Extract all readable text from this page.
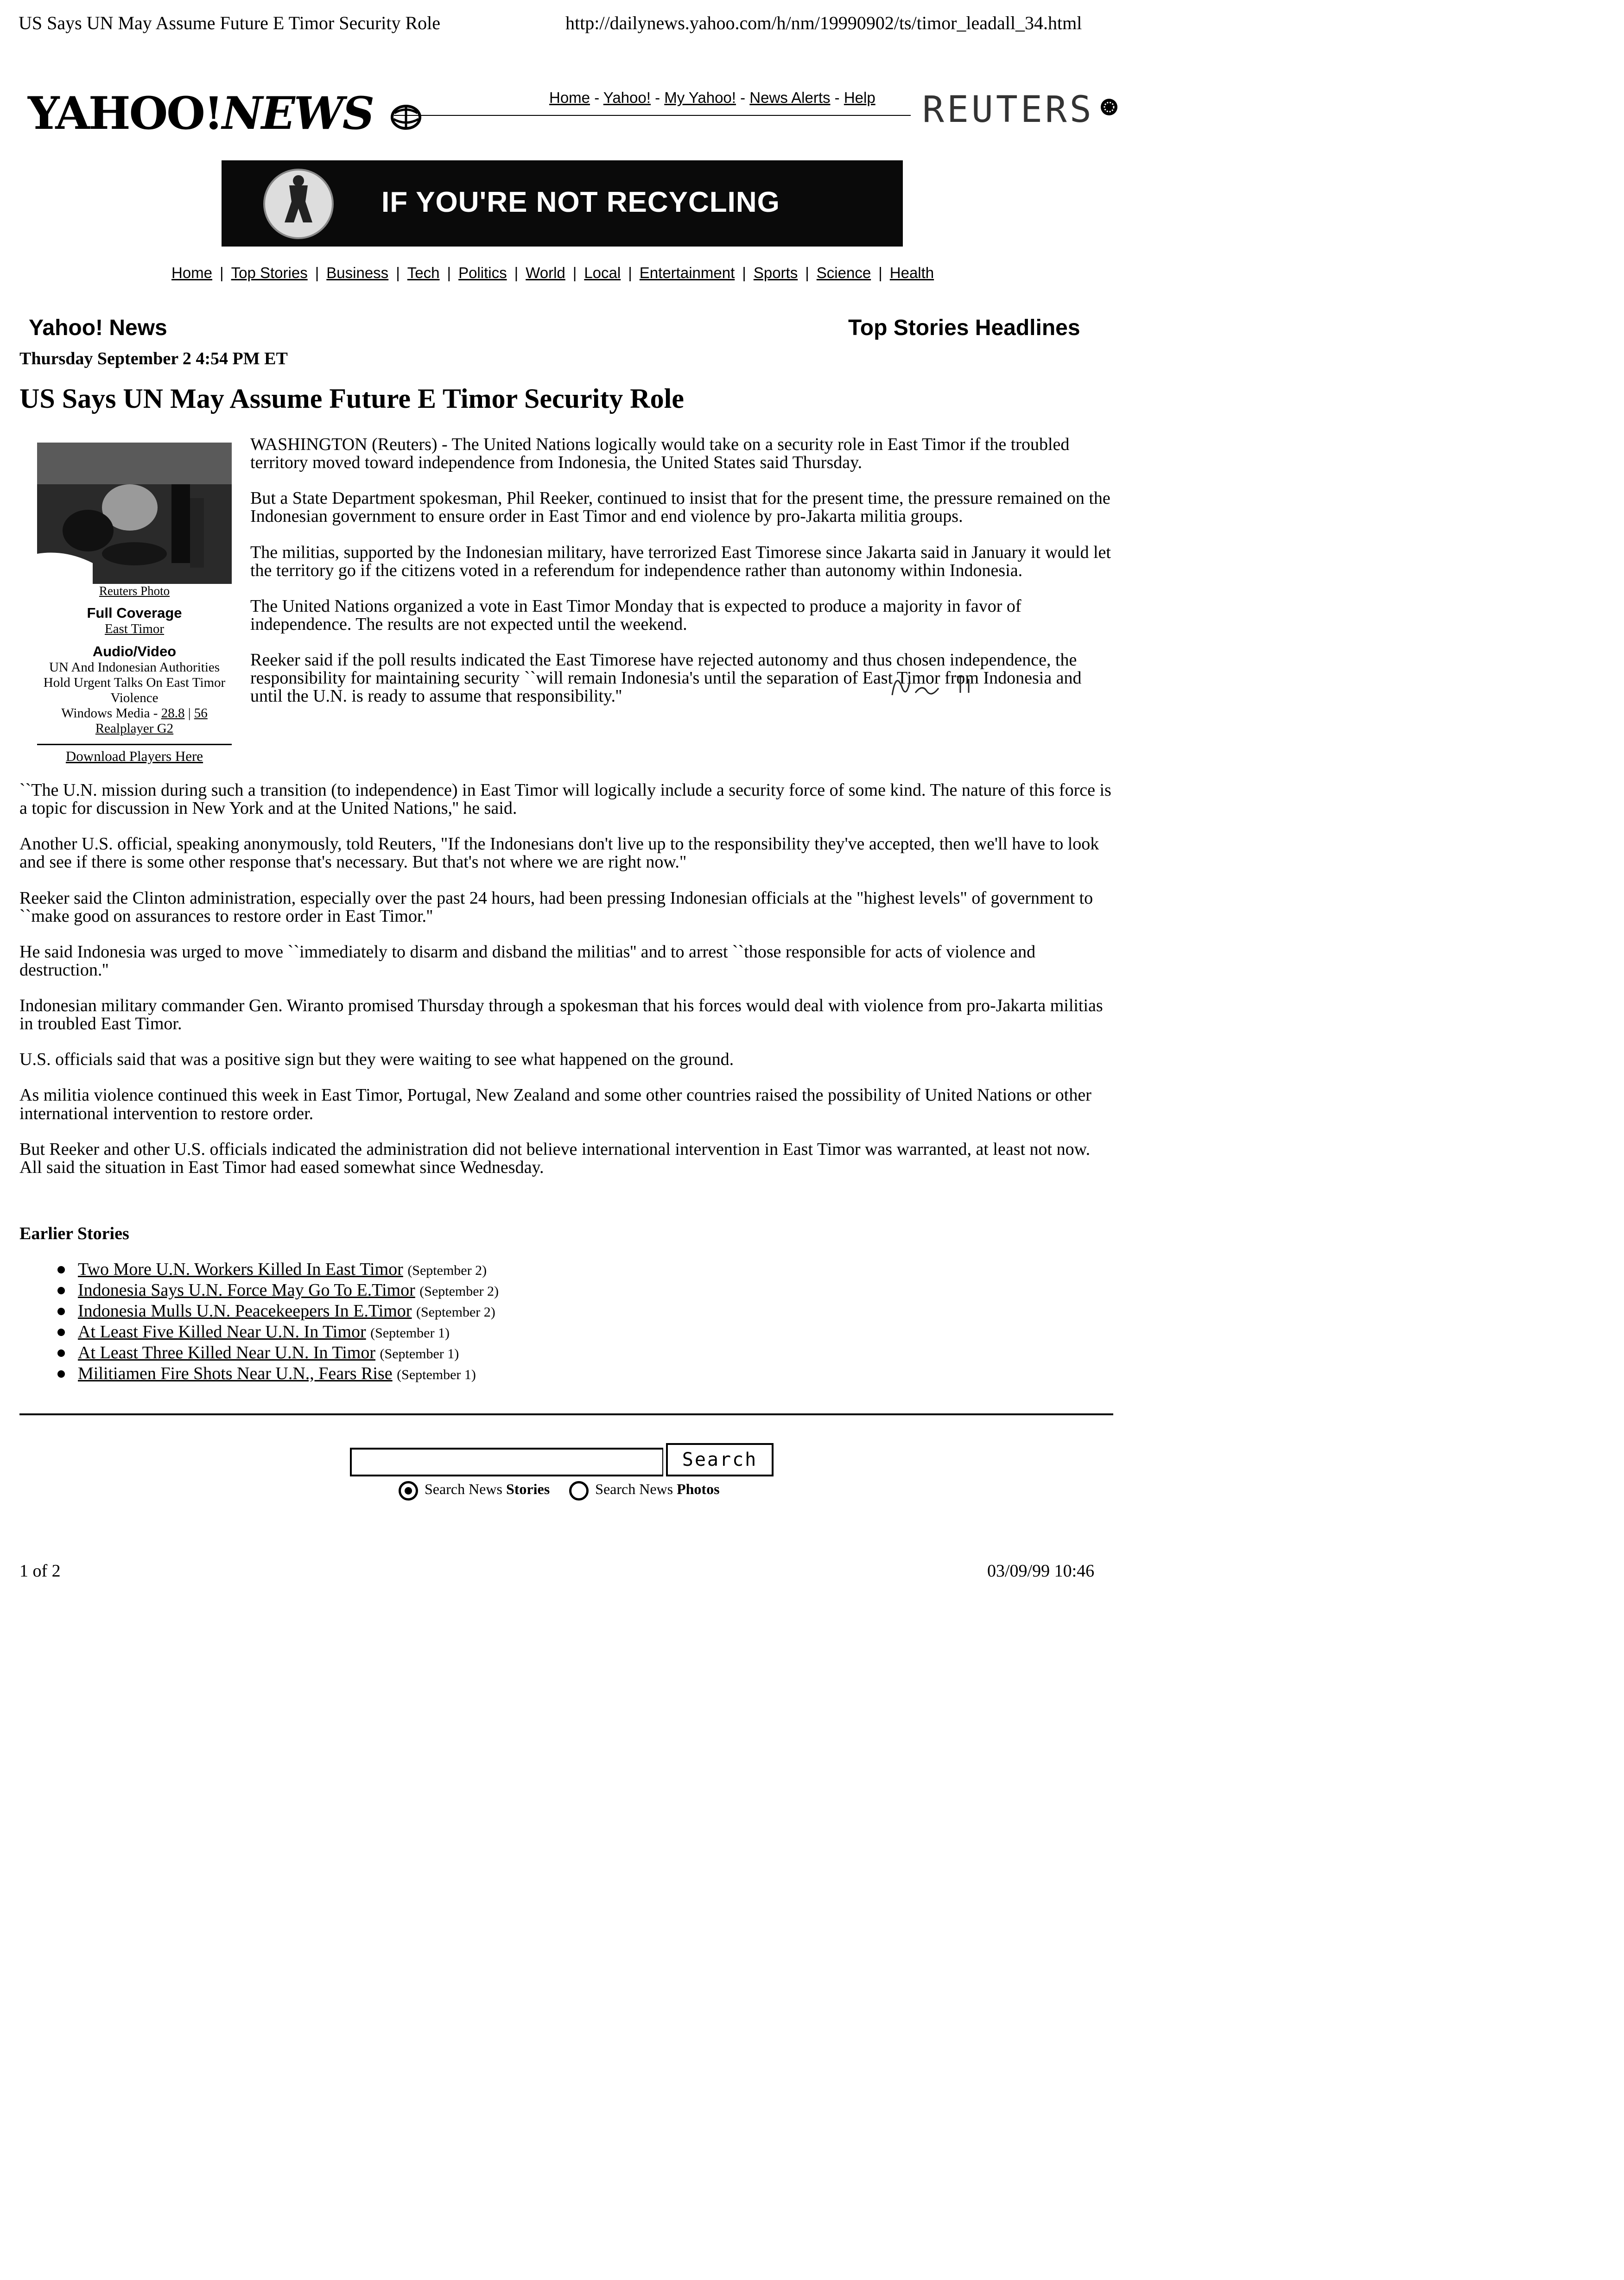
US Says UN May Assume Future E Timor Security Role	http://dailynews.yahoo.com/h/nm/19990902/ts/timor_leadall_34.html
YAHOO!NEWS	Home - Yahoo! - My Yahoo! - News Alerts - Help REUTERS
IF YOU'RE NOT RECYCLING
Home | Top Stories | Business | Tech | Politics | World | Local | Entertainment | Sports | Science | Health
Yahoo! News	Top Stories Headlines
Thursday September 2 4:54 PM ET
US Says UN May Assume Future E Timor Security Role
Reuters Photo
Full Coverage
East Timor
Audio/Video
UN And Indonesian Authorities Hold Urgent Talks On East Timor Violence
Windows Media - 28.8 | 56
Realplayer G2
Download Players Here

WASHINGTON (Reuters) - The United Nations logically would take on a security role in East Timor if the troubled territory moved toward independence from Indonesia, the United States said Thursday.

But a State Department spokesman, Phil Reeker, continued to insist that for the present time, the pressure remained on the Indonesian government to ensure order in East Timor and end violence by pro-Jakarta militia groups.

The militias, supported by the Indonesian military, have terrorized East Timorese since Jakarta said in January it would let the territory go if the citizens voted in a referendum for independence rather than autonomy within Indonesia.

The United Nations organized a vote in East Timor Monday that is expected to produce a majority in favor of independence. The results are not expected until the weekend.

Reeker said if the poll results indicated the East Timorese have rejected autonomy and thus chosen independence, the responsibility for maintaining security ``will remain Indonesia's until the separation of East Timor from Indonesia and until the U.N. is ready to assume that responsibility.''

``The U.N. mission during such a transition (to independence) in East Timor will logically include a security force of some kind. The nature of this force is a topic for discussion in New York and at the United Nations,'' he said.

Another U.S. official, speaking anonymously, told Reuters, "If the Indonesians don't live up to the responsibility they've accepted, then we'll have to look and see if there is some other response that's necessary. But that's not where we are right now."

Reeker said the Clinton administration, especially over the past 24 hours, had been pressing Indonesian officials at the "highest levels" of government to ``make good on assurances to restore order in East Timor.''

He said Indonesia was urged to move ``immediately to disarm and disband the militias'' and to arrest ``those responsible for acts of violence and destruction.''

Indonesian military commander Gen. Wiranto promised Thursday through a spokesman that his forces would deal with violence from pro-Jakarta militias in troubled East Timor.

U.S. officials said that was a positive sign but they were waiting to see what happened on the ground.

As militia violence continued this week in East Timor, Portugal, New Zealand and some other countries raised the possibility of United Nations or other international intervention to restore order.

But Reeker and other U.S. officials indicated the administration did not believe international intervention in East Timor was warranted, at least not now. All said the situation in East Timor had eased somewhat since Wednesday.

Earlier Stories
Two More U.N. Workers Killed In East Timor (September 2)
Indonesia Says U.N. Force May Go To E.Timor (September 2)
Indonesia Mulls U.N. Peacekeepers In E.Timor (September 2)
At Least Five Killed Near U.N. In Timor (September 1)
At Least Three Killed Near U.N. In Timor (September 1)
Militiamen Fire Shots Near U.N., Fears Rise (September 1)
Search
Search News Stories	Search News Photos
1 of 2	03/09/99 10:46
